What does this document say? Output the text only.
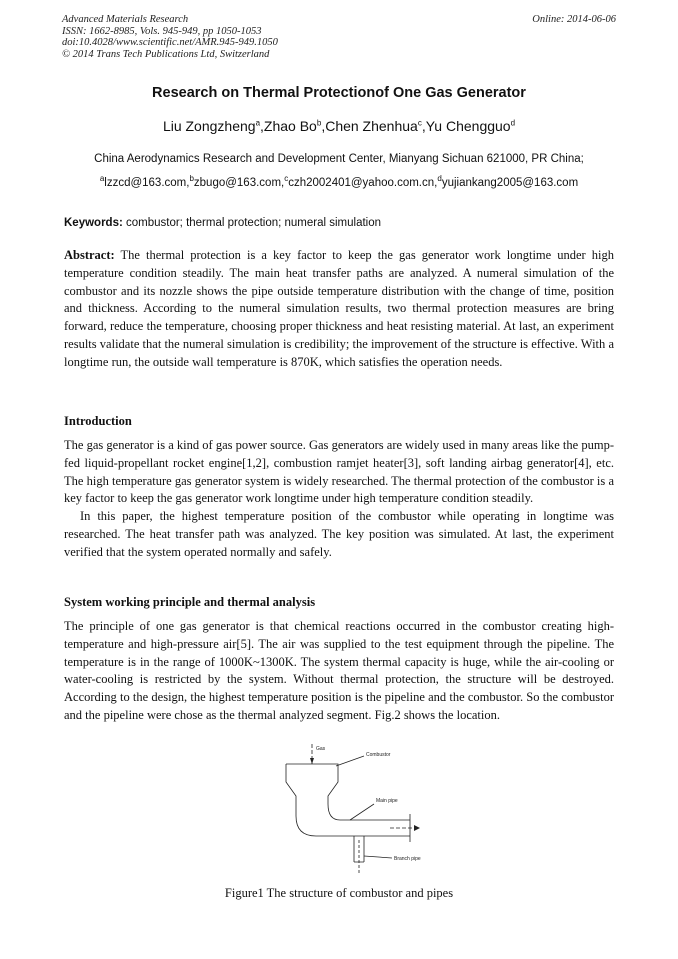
Advanced Materials Research
ISSN: 1662-8985, Vols. 945-949, pp 1050-1053
doi:10.4028/www.scientific.net/AMR.945-949.1050
© 2014 Trans Tech Publications Ltd, Switzerland
Online: 2014-06-06
Research on Thermal Protectionof One Gas Generator
Liu Zongzheng$^a$,Zhao Bo$^b$,Chen Zhenhua$^c$,Yu Chengguo$^d$
China Aerodynamics Research and Development Center, Mianyang Sichuan 621000, PR China;
$^a$lzzcd@163.com,$^b$zbugo@163.com,$^c$czh2002401@yahoo.com.cn,$^d$yujiankang2005@163.com
Keywords: combustor; thermal protection; numeral simulation
Abstract: The thermal protection is a key factor to keep the gas generator work longtime under high temperature condition steadily. The main heat transfer paths are analyzed. A numeral simulation of the combustor and its nozzle shows the pipe outside temperature distribution with the change of time, position and thickness. According to the numeral simulation results, two thermal protection measures are bring forward, reduce the temperature, choosing proper thickness and heat resisting material. At last, an experiment results validate that the numeral simulation is credibility; the improvement of the structure is effective. With a longtime run, the outside wall temperature is 870K, which satisfies the operation needs.
Introduction
The gas generator is a kind of gas power source. Gas generators are widely used in many areas like the pump-fed liquid-propellant rocket engine[1,2], combustion ramjet heater[3], soft landing airbag generator[4], etc. The high temperature gas generator system is widely researched. The thermal protection of the combustor is a key factor to keep the gas generator work longtime under high temperature condition steadily.
In this paper, the highest temperature position of the combustor while operating in longtime was researched. The heat transfer path was analyzed. The key position was simulated. At last, the experiment verified that the system operated normally and safely.
System working principle and thermal analysis
The principle of one gas generator is that chemical reactions occurred in the combustor creating high-temperature and high-pressure air[5]. The air was supplied to the test equipment through the pipeline. The temperature is in the range of 1000K~1300K. The system thermal capacity is huge, while the air-cooling or water-cooling is restricted by the system. Without thermal protection, the structure will be destroyed. According to the design, the highest temperature position is the pipeline and the combustor. So the combustor and the pipeline were chose as the thermal analyzed segment. Fig.2 shows the location.
Gas
Combustor
Main pipe
Branch pipe
Figure1 The structure of combustor and pipes
